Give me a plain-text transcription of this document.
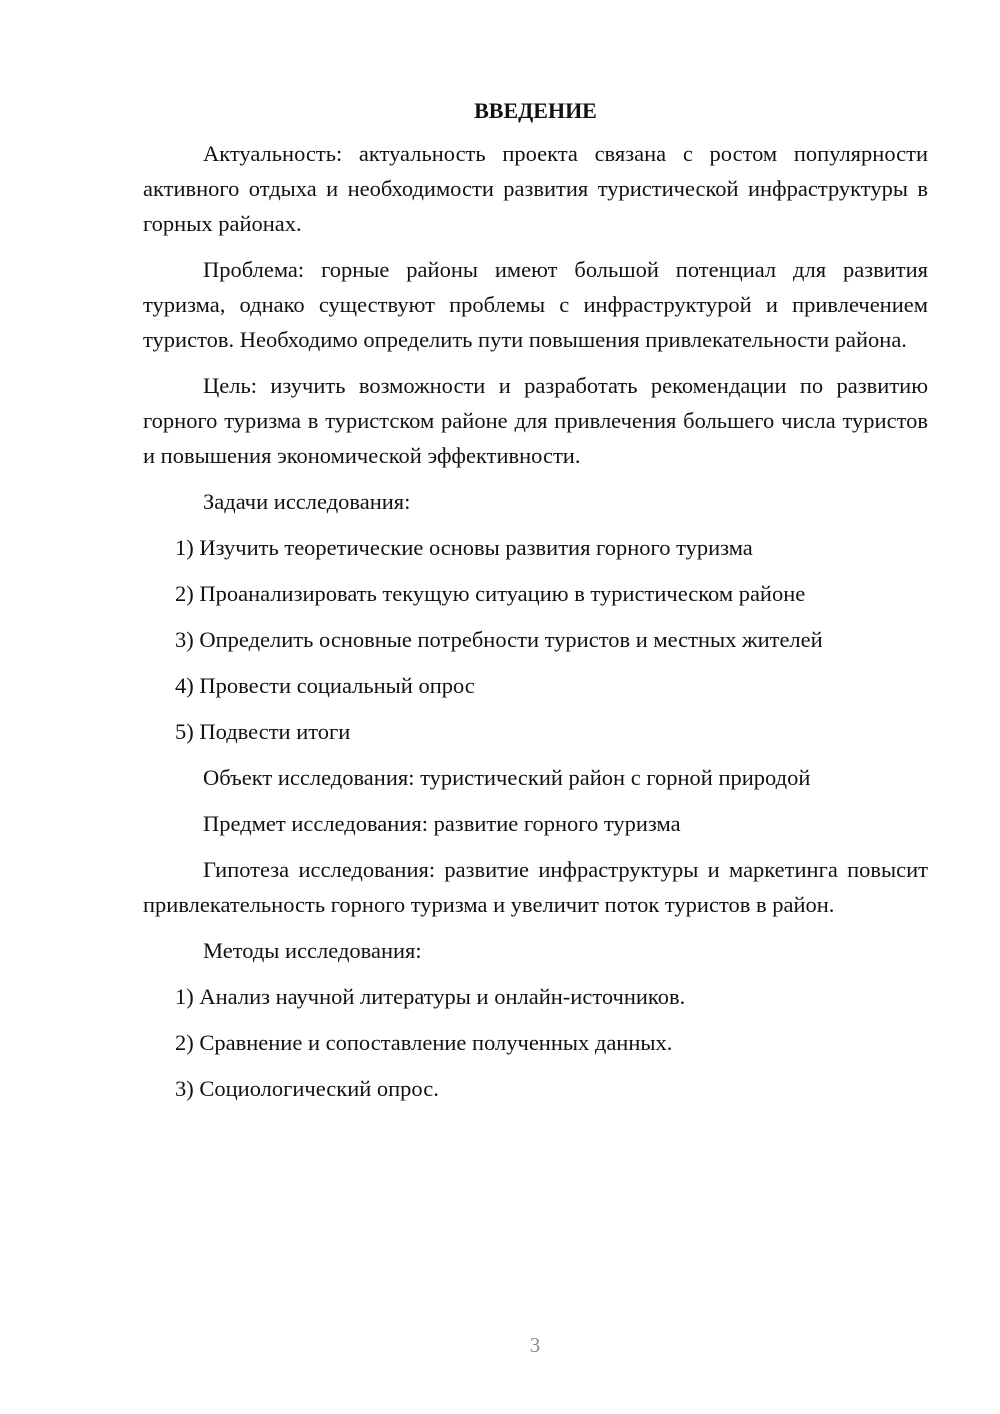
ВВЕДЕНИЕ

Актуальность: актуальность проекта связана с ростом популярности активного отдыха и необходимости развития туристической инфраструктуры в горных районах.

Проблема: горные районы имеют большой потенциал для развития туризма, однако существуют проблемы с инфраструктурой и привлечением туристов. Необходимо определить пути повышения привлекательности района.

Цель: изучить возможности и разработать рекомендации по развитию горного туризма в туристском районе для привлечения большего числа туристов и повышения экономической эффективности.

Задачи исследования:

1) Изучить теоретические основы развития горного туризма

2) Проанализировать текущую ситуацию в туристическом районе

3) Определить основные потребности туристов и местных жителей

4) Провести социальный опрос

5) Подвести итоги

Объект исследования: туристический район с горной природой

Предмет исследования: развитие горного туризма

Гипотеза исследования: развитие инфраструктуры и маркетинга повысит привлекательность горного туризма и увеличит поток туристов в район.

Методы исследования:

1) Анализ научной литературы и онлайн-источников.

2) Сравнение и сопоставление полученных данных.

3) Социологический опрос.

3
